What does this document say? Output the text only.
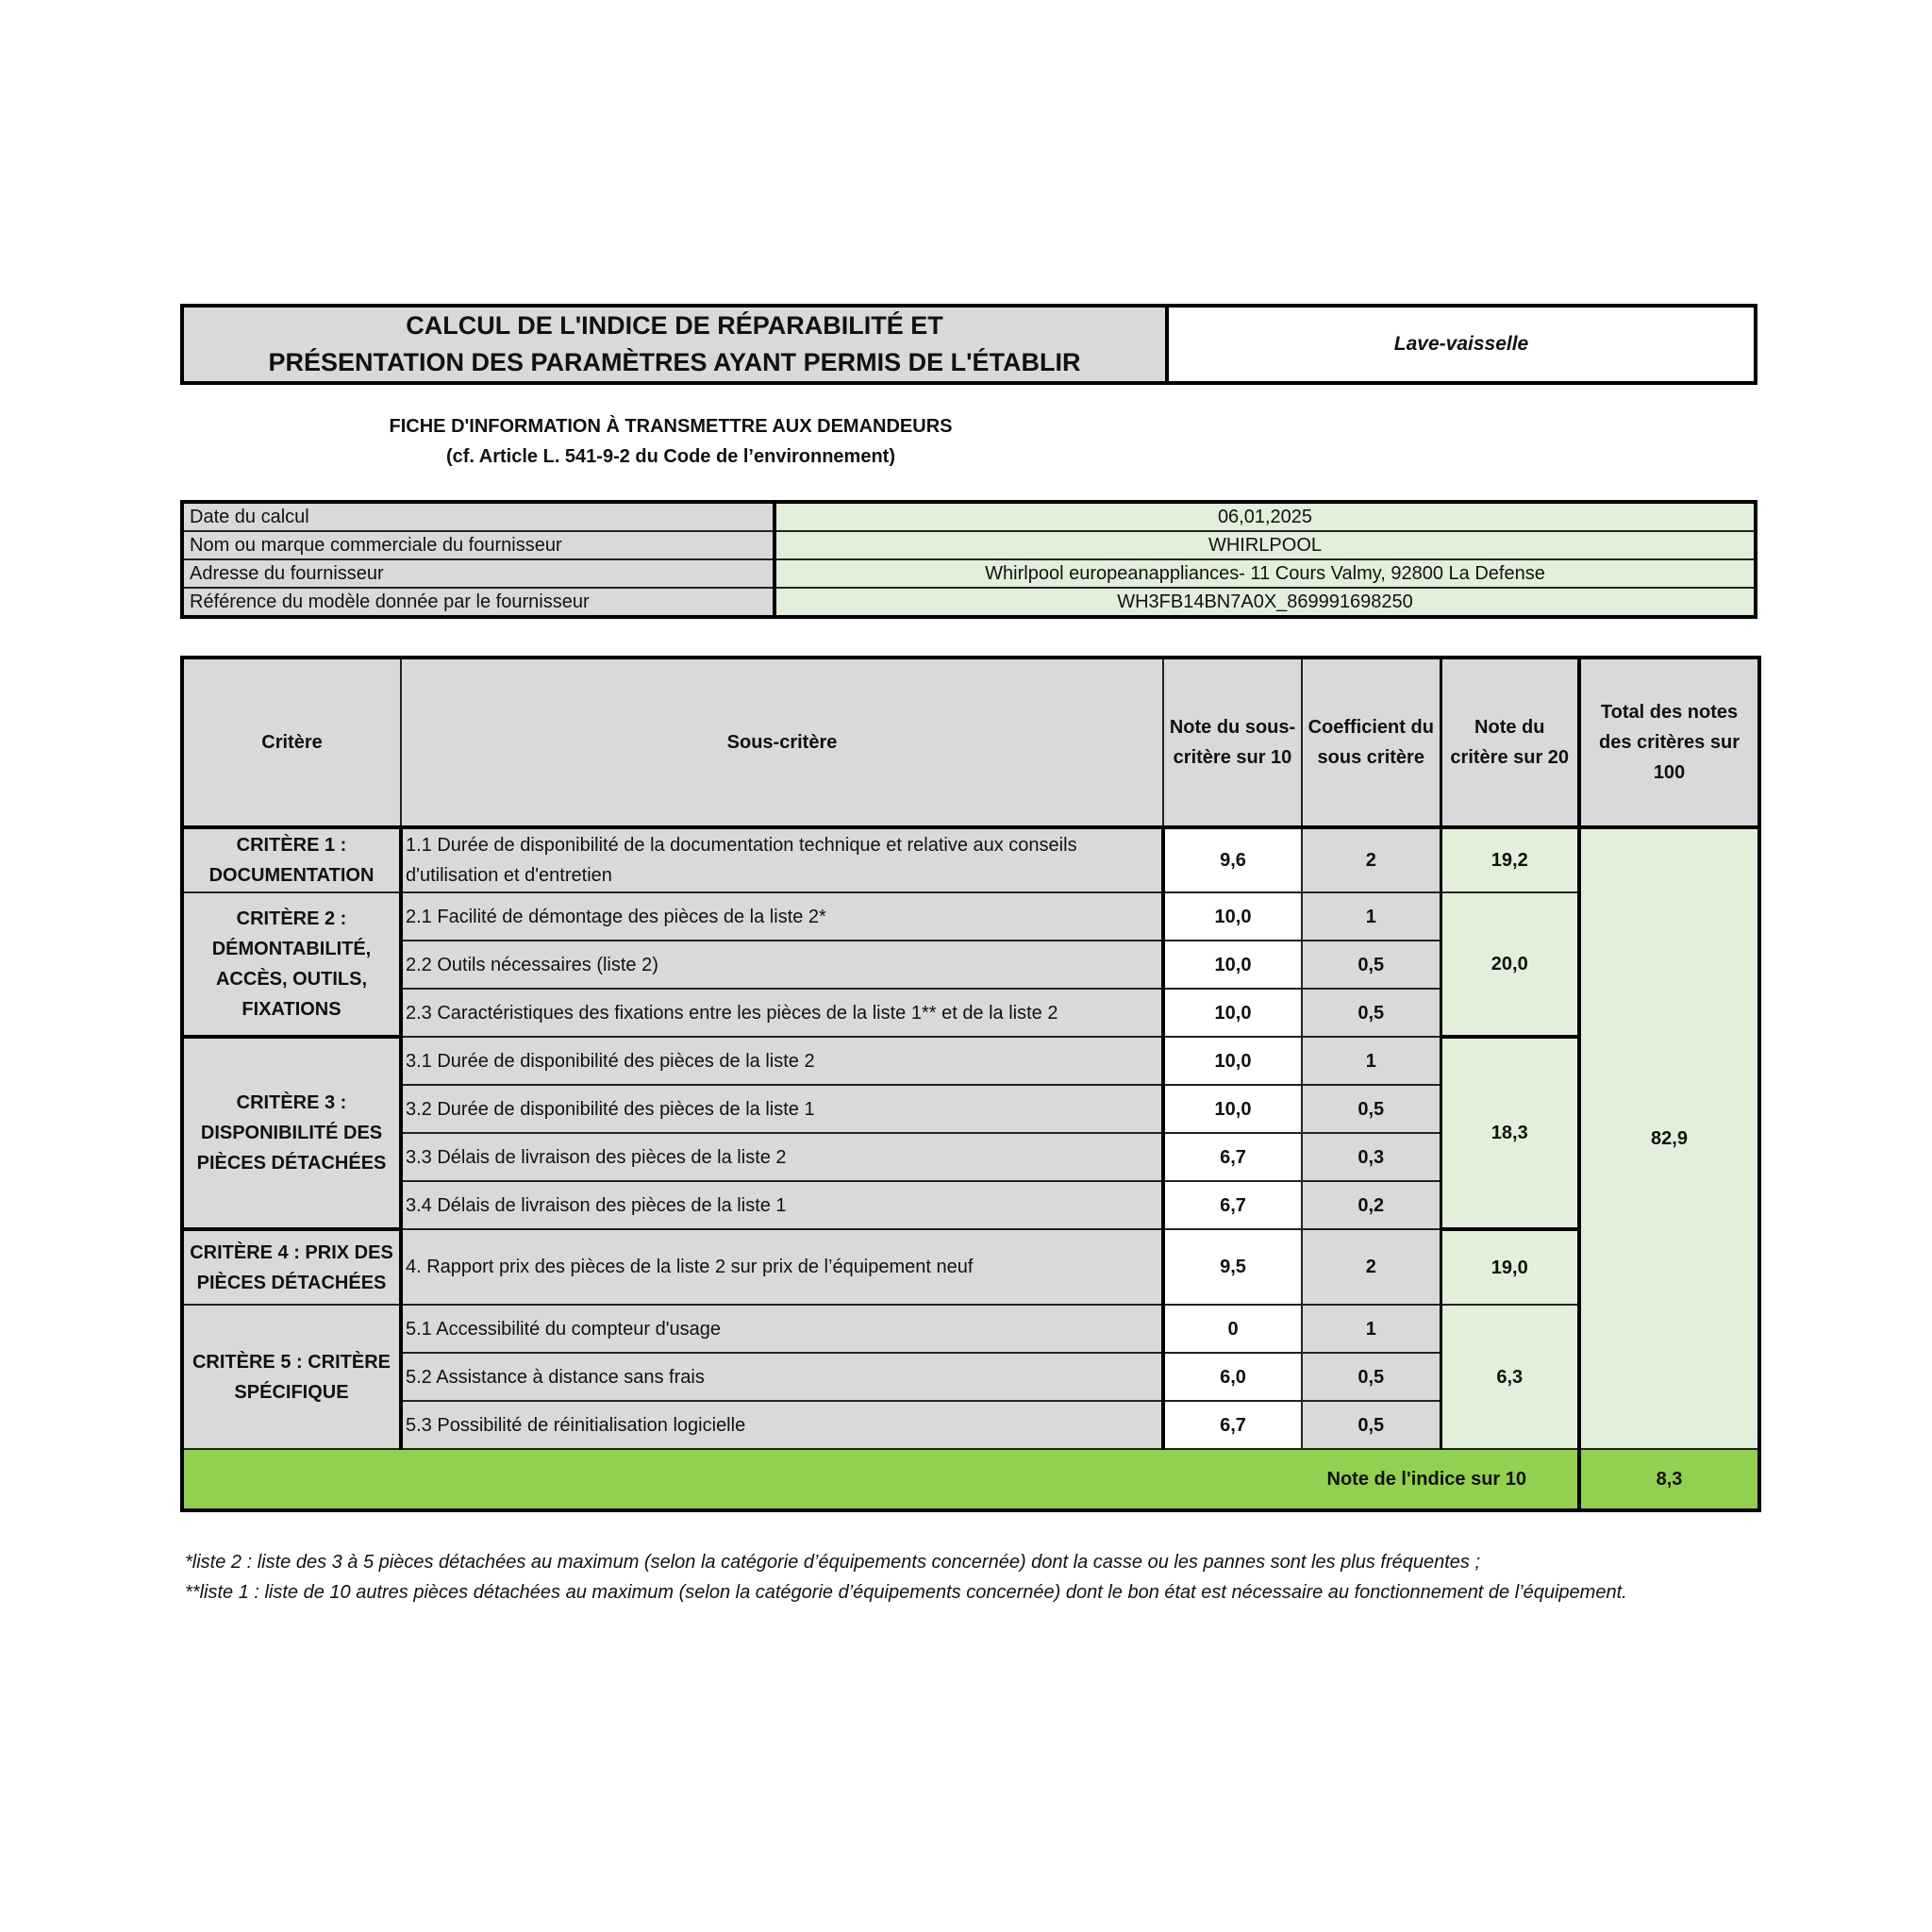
CALCUL DE L'INDICE DE RÉPARABILITÉ ET
PRÉSENTATION DES PARAMÈTRES AYANT PERMIS DE L'ÉTABLIR
Lave-vaisselle
FICHE D'INFORMATION À TRANSMETTRE AUX DEMANDEURS
(cf. Article L. 541-9-2 du Code de l’environnement)
Date du calcul	06,01,2025
Nom ou marque commerciale du fournisseur	WHIRLPOOL
Adresse du fournisseur	Whirlpool europeanappliances- 11 Cours Valmy, 92800 La Defense
Référence du modèle donnée par le fournisseur	WH3FB14BN7A0X_869991698250
Critère	Sous-critère	Note du sous-critère sur 10	Coefficient du sous critère	Note du critère sur 20	Total des notes des critères sur 100
CRITÈRE 1 : DOCUMENTATION	1.1 Durée de disponibilité de la documentation technique et relative aux conseils d'utilisation et d'entretien	9,6	2	19,2	82,9
CRITÈRE 2 : DÉMONTABILITÉ, ACCÈS, OUTILS, FIXATIONS	2.1 Facilité de démontage des pièces de la liste 2*	10,0	1	20,0	
	2.2 Outils nécessaires (liste 2)	10,0	0,5		
	2.3 Caractéristiques des fixations entre les pièces de la liste 1** et de la liste 2	10,0	0,5		
CRITÈRE 3 : DISPONIBILITÉ DES PIÈCES DÉTACHÉES	3.1 Durée de disponibilité des pièces de la liste 2	10,0	1	18,3	
	3.2 Durée de disponibilité des pièces de la liste 1	10,0	0,5		
	3.3 Délais de livraison des pièces de la liste 2	6,7	0,3		
	3.4 Délais de livraison des pièces de la liste 1	6,7	0,2		
CRITÈRE 4 : PRIX DES PIÈCES DÉTACHÉES	4. Rapport prix des pièces de la liste 2 sur prix de l’équipement neuf	9,5	2	19,0	
CRITÈRE 5 : CRITÈRE SPÉCIFIQUE	5.1 Accessibilité du compteur d'usage	0	1	6,3	
	5.2 Assistance à distance sans frais	6,0	0,5		
	5.3 Possibilité de réinitialisation logicielle	6,7	0,5		
Note de l'indice sur 10					8,3
*liste 2 : liste des 3 à 5 pièces détachées au maximum (selon la catégorie d’équipements concernée) dont la casse ou les pannes sont les plus fréquentes ;
**liste 1 : liste de 10 autres pièces détachées au maximum (selon la catégorie d’équipements concernée) dont le bon état est nécessaire au fonctionnement de l’équipement.
